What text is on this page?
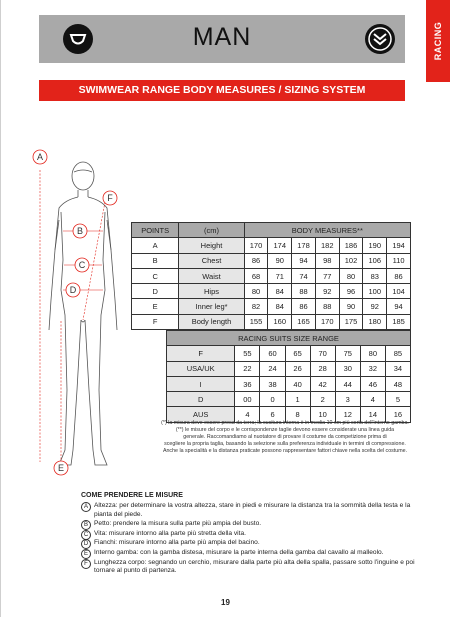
RACING
MAN
SWIMWEAR RANGE BODY MEASURES / SIZING SYSTEM
A
F
B
C
D
E
POINTS	(cm)	BODY MEASURES**						
A	Height	170	174	178	182	186	190	194
B	Chest	86	90	94	98	102	106	110
C	Waist	68	71	74	77	80	83	86
D	Hips	80	84	88	92	96	100	104
E	Inner leg*	82	84	86	88	90	92	94
F	Body length	155	160	165	170	175	180	185
RACING SUITS SIZE RANGE							
F	55	60	65	70	75	80	85
USA/UK	22	24	26	28	30	32	34
I	36	38	40	42	44	46	48
D	00	0	1	2	3	4	5
AUS	4	6	8	10	12	14	16
(*) la misura deve essere presa da terra; la cucitura interna è in media 10 cm più corta dell'interno gamba.
(**) le misure del corpo e le corrispondenze taglie devono essere considerate una linea guida
generale. Raccomandiamo al nuotatore di provare il costume da competizione prima di
scegliere la propria taglia, basando la selezione sulla preferenza individuale in termini di compressione.
Anche la specialità e la distanza praticate possono rappresentare fattori chiave nella scelta del costume.
COME PRENDERE LE MISURE
A Altezza: per determinare la vostra altezza, stare in piedi e misurare la distanza tra la sommità della testa e la pianta del piede.
B Petto: prendere la misura sulla parte più ampia del busto.
C Vita: misurare intorno alla parte più stretta della vita.
D Fianchi: misurare intorno alla parte più ampia del bacino.
E Interno gamba: con la gamba distesa, misurare la parte interna della gamba dal cavallo al malleolo.
F Lunghezza corpo: segnando un cerchio, misurare dalla parte più alta della spalla, passare sotto l'inguine e poi tornare al punto di partenza.
19
